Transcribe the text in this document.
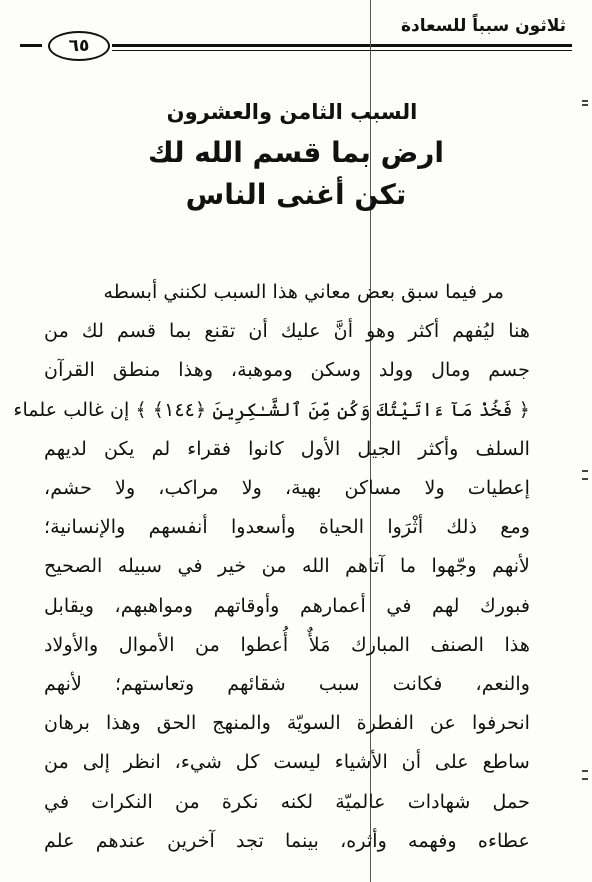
ثلاثون سبباً للسعادة
٦٥
السبب الثامن والعشرون
ارض بما قسم الله لك
تكن أغنى الناس
مر فيما سبق بعض معاني هذا السبب لكنني أبسطه
هنا ليُفهم أكثر وهو أنَّ عليك أن تقنع بما قسم لك من
جسم ومال وولد وسكن وموهبة، وهذا منطق القرآن
﴿ فَخُذْ مَآ ءَاتَيْتُكَ وَكُن مِّنَ ٱلشَّـٰكِرِينَ ﴿١٤٤﴾ ﴾ إن غالب علماء
السلف وأكثر الجيل الأول كانوا فقراء لم يكن لديهم
إعطيات ولا مساكن بهية، ولا مراكب، ولا حشم،
ومع ذلك أثْرَوا الحياة وأسعدوا أنفسهم والإنسانية؛
لأنهم وجّهوا ما آتاهم الله من خير في سبيله الصحيح
فبورك لهم في أعمارهم وأوقاتهم ومواهبهم، ويقابل
هذا الصنف المبارك مَلأٌ أُعطوا من الأموال والأولاد
والنعم، فكانت سبب شقائهم وتعاستهم؛ لأنهم
انحرفوا عن الفطرة السويّة والمنهج الحق وهذا برهان
ساطع على أن الأشياء ليست كل شيء، انظر إلى من
حمل شهادات عالميّة لكنه نكرة من النكرات في
عطاءه وفهمه وأثره، بينما تجد آخرين عندهم علم
